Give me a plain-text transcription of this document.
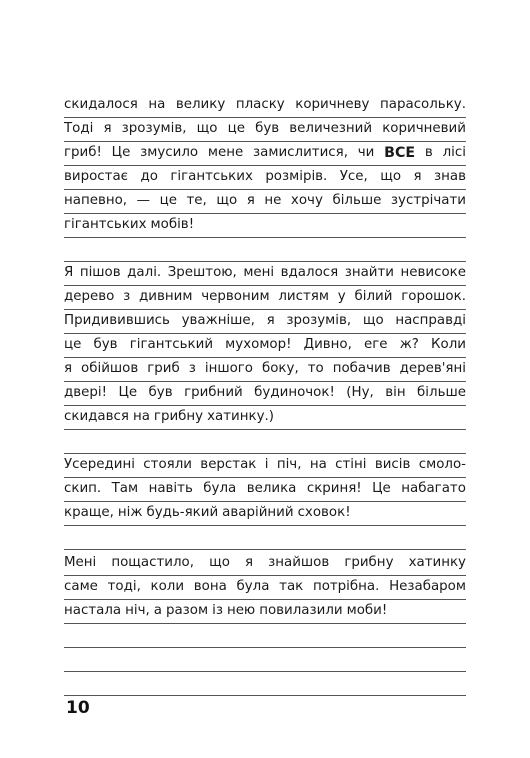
скидалося на велику пласку коричневу парасольку.
Тоді я зрозумів, що це був величезний коричневий
гриб! Це змусило мене замислитися, чи ВСЕ в лісі
виростає до гігантських розмірів. Усе, що я знав
напевно, — це те, що я не хочу більше зустрічати
гігантських мобів!
Я пішов далі. Зрештою, мені вдалося знайти невисоке
дерево з дивним червоним листям у білий горошок.
Придивившись уважніше, я зрозумів, що насправді
це був гігантський мухомор! Дивно, еге ж? Коли
я обійшов гриб з іншого боку, то побачив дерев'яні
двері! Це був грибний будиночок! (Ну, він більше
скидався на грибну хатинку.)
Усередині стояли верстак і піч, на стіні висів смоло-
скип. Там навіть була велика скриня! Це набагато
краще, ніж будь-який аварійний сховок!
Мені пощастило, що я знайшов грибну хатинку
саме тоді, коли вона була так потрібна. Незабаром
настала ніч, а разом із нею повилазили моби!
10
